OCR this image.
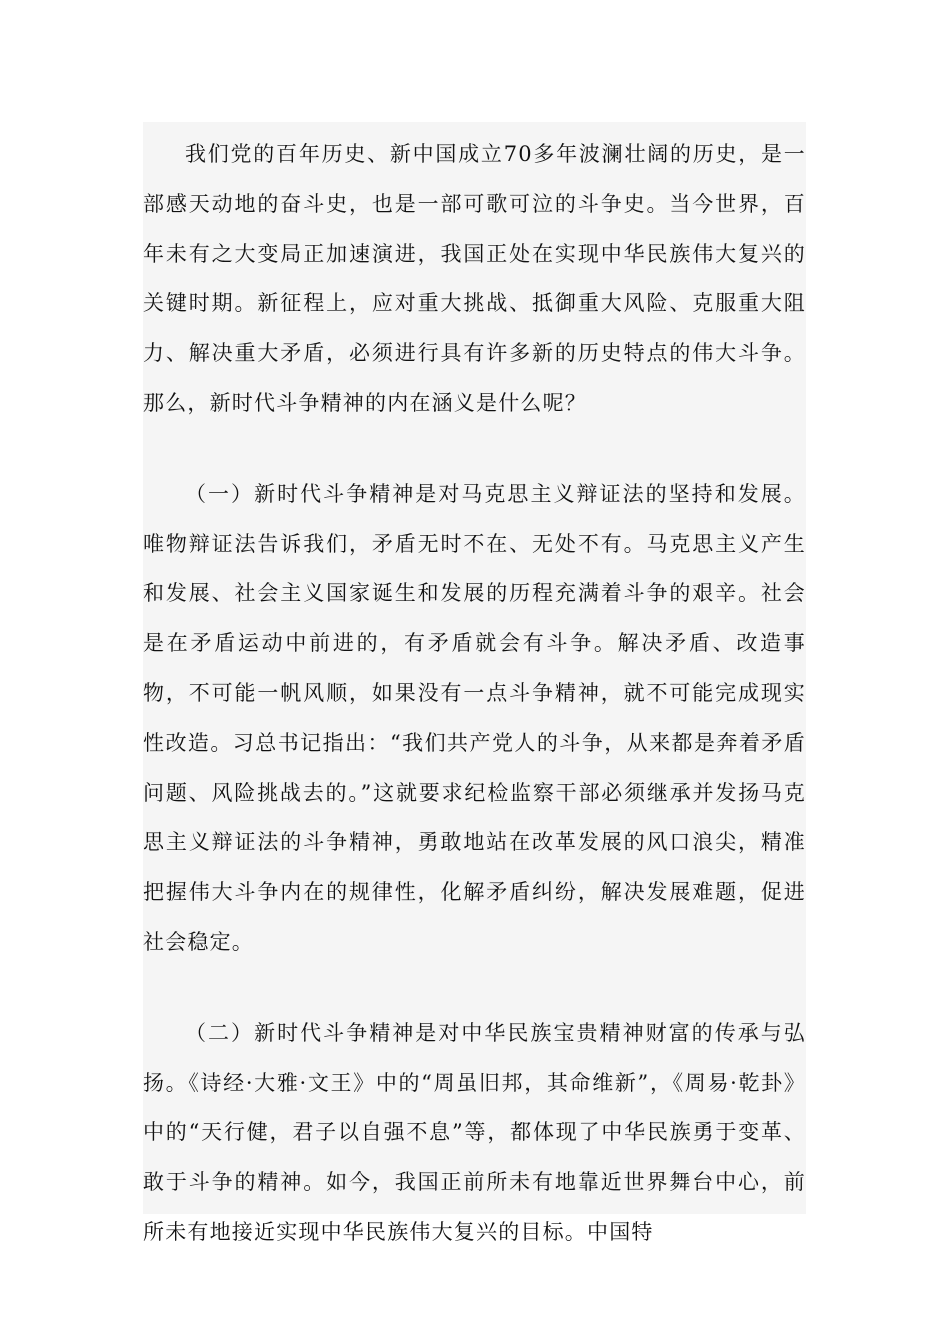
我们党的百年历史、新中国成立70多年波澜壮阔的历史，是一部感天动地的奋斗史，也是一部可歌可泣的斗争史。当今世界，百年未有之大变局正加速演进，我国正处在实现中华民族伟大复兴的关键时期。新征程上，应对重大挑战、抵御重大风险、克服重大阻力、解决重大矛盾，必须进行具有许多新的历史特点的伟大斗争。那么，新时代斗争精神的内在涵义是什么呢？

（一）新时代斗争精神是对马克思主义辩证法的坚持和发展。唯物辩证法告诉我们，矛盾无时不在、无处不有。马克思主义产生和发展、社会主义国家诞生和发展的历程充满着斗争的艰辛。社会是在矛盾运动中前进的，有矛盾就会有斗争。解决矛盾、改造事物，不可能一帆风顺，如果没有一点斗争精神，就不可能完成现实性改造。习总书记指出：“我们共产党人的斗争，从来都是奔着矛盾问题、风险挑战去的。”这就要求纪检监察干部必须继承并发扬马克思主义辩证法的斗争精神，勇敢地站在改革发展的风口浪尖，精准把握伟大斗争内在的规律性，化解矛盾纠纷，解决发展难题，促进社会稳定。

（二）新时代斗争精神是对中华民族宝贵精神财富的传承与弘扬。《诗经·大雅·文王》中的“周虽旧邦，其命维新”，《周易·乾卦》中的“天行健，君子以自强不息”等，都体现了中华民族勇于变革、敢于斗争的精神。如今，我国正前所未有地靠近世界舞台中心，前所未有地接近实现中华民族伟大复兴的目标。中国特
